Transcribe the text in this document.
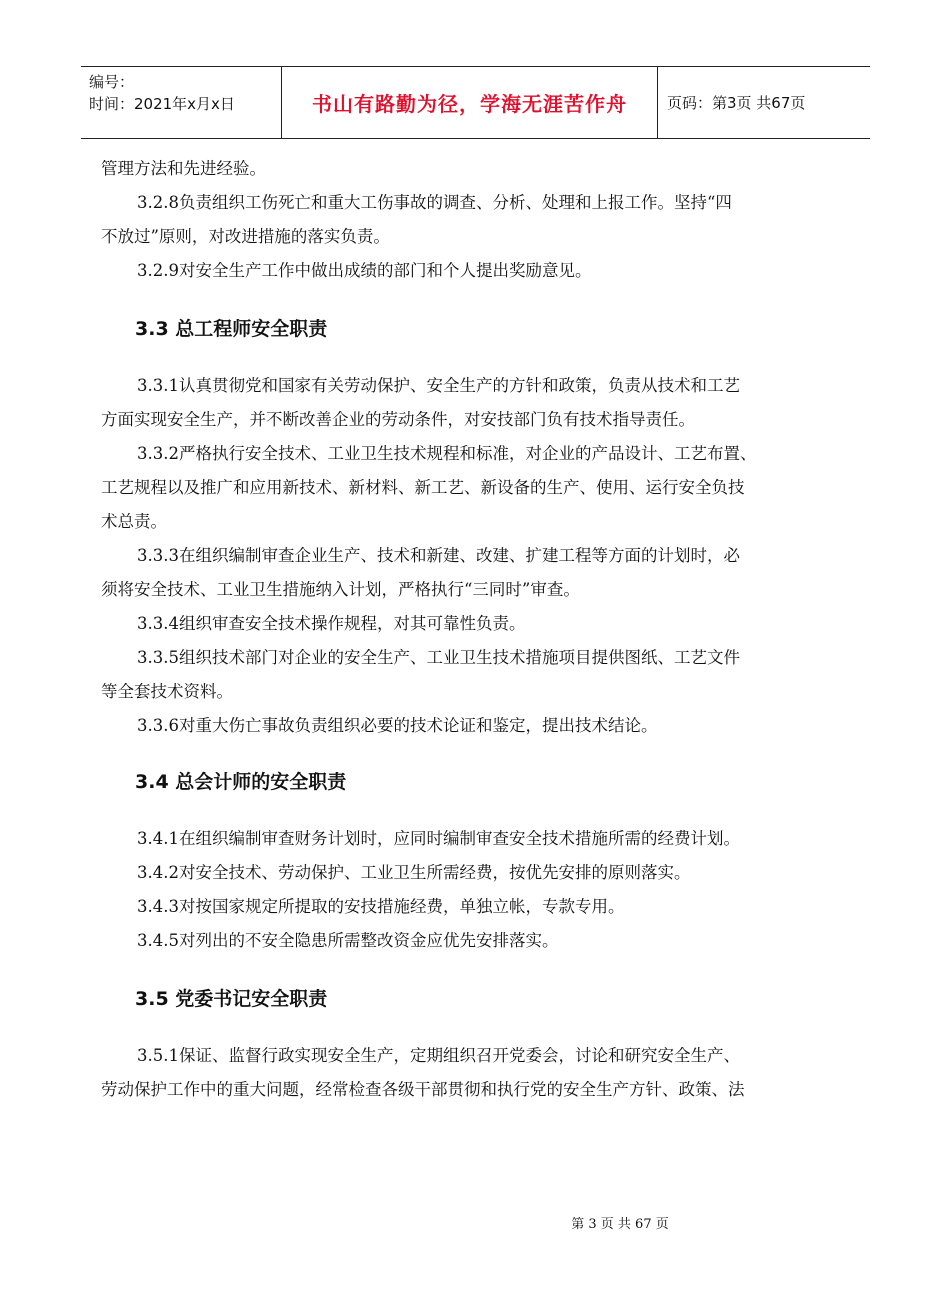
编号：
时间：2021年x月x日	书山有路勤为径，学海无涯苦作舟	页码：第3页 共67页

管理方法和先进经验。

3.2.8负责组织工伤死亡和重大工伤事故的调查、分析、处理和上报工作。坚持“四

不放过”原则，对改进措施的落实负责。

3.2.9对安全生产工作中做出成绩的部门和个人提出奖励意见。

3.3 总工程师安全职责

3.3.1认真贯彻党和国家有关劳动保护、安全生产的方针和政策，负责从技术和工艺

方面实现安全生产，并不断改善企业的劳动条件，对安技部门负有技术指导责任。

3.3.2严格执行安全技术、工业卫生技术规程和标准，对企业的产品设计、工艺布置、

工艺规程以及推广和应用新技术、新材料、新工艺、新设备的生产、使用、运行安全负技

术总责。

3.3.3在组织编制审查企业生产、技术和新建、改建、扩建工程等方面的计划时，必

须将安全技术、工业卫生措施纳入计划，严格执行“三同时”审查。

3.3.4组织审查安全技术操作规程，对其可靠性负责。

3.3.5组织技术部门对企业的安全生产、工业卫生技术措施项目提供图纸、工艺文件

等全套技术资料。

3.3.6对重大伤亡事故负责组织必要的技术论证和鉴定，提出技术结论。

3.4 总会计师的安全职责

3.4.1在组织编制审查财务计划时，应同时编制审查安全技术措施所需的经费计划。

3.4.2对安全技术、劳动保护、工业卫生所需经费，按优先安排的原则落实。

3.4.3对按国家规定所提取的安技措施经费，单独立帐，专款专用。

3.4.5对列出的不安全隐患所需整改资金应优先安排落实。

3.5 党委书记安全职责

3.5.1保证、监督行政实现安全生产，定期组织召开党委会，讨论和研究安全生产、

劳动保护工作中的重大问题，经常检查各级干部贯彻和执行党的安全生产方针、政策、法

第 3 页 共 67 页
